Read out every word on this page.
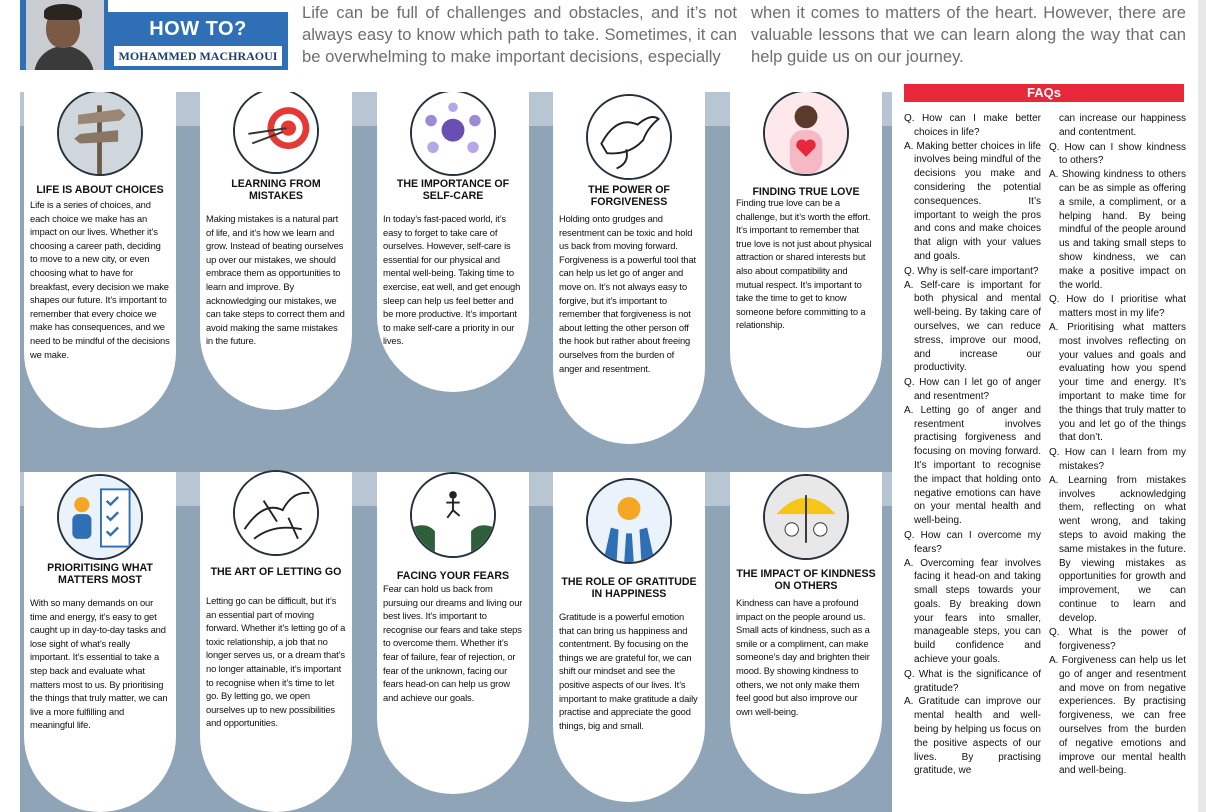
HOW TO?
MOHAMMED MACHRAOUI
Life can be full of challenges and obstacles, and it’s not always easy to know which path to take. Sometimes, it can be overwhelming to make important decisions, especially
when it comes to matters of the heart. However, there are valuable lessons that we can learn along the way that can help guide us on our journey.
LIFE IS ABOUT CHOICES

Life is a series of choices, and each choice we make has an impact on our lives. Whether it’s choosing a career path, deciding to move to a new city, or even choosing what to have for breakfast, every decision we make shapes our future. It’s important to remember that every choice we make has consequences, and we need to be mindful of the decisions we make.

LEARNING FROM MISTAKES

Making mistakes is a natural part of life, and it’s how we learn and grow. Instead of beating ourselves up over our mistakes, we should embrace them as opportunities to learn and improve. By acknowledging our mistakes, we can take steps to correct them and avoid making the same mistakes in the future.

THE IMPORTANCE OF SELF-CARE

In today’s fast-paced world, it’s easy to forget to take care of ourselves. However, self-care is essential for our physical and mental well-being. Taking time to exercise, eat well, and get enough sleep can help us feel better and be more productive. It’s important to make self-care a priority in our lives.

THE POWER OF FORGIVENESS

Holding onto grudges and resentment can be toxic and hold us back from moving forward. Forgiveness is a powerful tool that can help us let go of anger and move on. It’s not always easy to forgive, but it’s important to remember that forgiveness is not about letting the other person off the hook but rather about freeing ourselves from the burden of anger and resentment.

FINDING TRUE LOVE

Finding true love can be a challenge, but it’s worth the effort. It’s important to remember that true love is not just about physical attraction or shared interests but also about compatibility and mutual respect. It’s important to take the time to get to know someone before committing to a relationship.

PRIORITISING WHAT MATTERS MOST

With so many demands on our time and energy, it’s easy to get caught up in day-to-day tasks and lose sight of what’s really important. It’s essential to take a step back and evaluate what matters most to us. By prioritising the things that truly matter, we can live a more fulfilling and meaningful life.

THE ART OF LETTING GO

Letting go can be difficult, but it’s an essential part of moving forward. Whether it’s letting go of a toxic relationship, a job that no longer serves us, or a dream that’s no longer attainable, it’s important to recognise when it’s time to let go. By letting go, we open ourselves up to new possibilities and opportunities.

FACING YOUR FEARS

Fear can hold us back from pursuing our dreams and living our best lives. It’s important to recognise our fears and take steps to overcome them. Whether it’s fear of failure, fear of rejection, or fear of the unknown, facing our fears head-on can help us grow and achieve our goals.

THE ROLE OF GRATITUDE IN HAPPINESS

Gratitude is a powerful emotion that can bring us happiness and contentment. By focusing on the things we are grateful for, we can shift our mindset and see the positive aspects of our lives. It’s important to make gratitude a daily practise and appreciate the good things, big and small.

THE IMPACT OF KINDNESS ON OTHERS

Kindness can have a profound impact on the people around us. Small acts of kindness, such as a smile or a compliment, can make someone’s day and brighten their mood. By showing kindness to others, we not only make them feel good but also improve our own well-being.

FAQs
Q. How can I make better choices in life?
A. Making better choices in life involves being mindful of the decisions you make and considering the potential consequences. It’s important to weigh the pros and cons and make choices that align with your values and goals.
Q. Why is self-care important?
A. Self-care is important for both physical and mental well-being. By taking care of ourselves, we can reduce stress, improve our mood, and increase our productivity.
Q. How can I let go of anger and resentment?
A. Letting go of anger and resentment involves practising forgiveness and focusing on moving forward. It’s important to recognise the impact that holding onto negative emotions can have on your mental health and well-being.
Q. How can I overcome my fears?
A. Overcoming fear involves facing it head-on and taking small steps towards your goals. By breaking down your fears into smaller, manageable steps, you can build confidence and achieve your goals.
Q. What is the significance of gratitude?
A. Gratitude can improve our mental health and well-being by helping us focus on the positive aspects of our lives. By practising gratitude, we
can increase our happiness and contentment.
Q. How can I show kindness to others?
A. Showing kindness to others can be as simple as offering a smile, a compliment, or a helping hand. By being mindful of the people around us and taking small steps to show kindness, we can make a positive impact on the world.
Q. How do I prioritise what matters most in my life?
A. Prioritising what matters most involves reflecting on your values and goals and evaluating how you spend your time and energy. It’s important to make time for the things that truly matter to you and let go of the things that don’t.
Q. How can I learn from my mistakes?
A. Learning from mistakes involves acknowledging them, reflecting on what went wrong, and taking steps to avoid making the same mistakes in the future. By viewing mistakes as opportunities for growth and improvement, we can continue to learn and develop.
Q. What is the power of forgiveness?
A. Forgiveness can help us let go of anger and resentment and move on from negative experiences. By practising forgiveness, we can free ourselves from the burden of negative emotions and improve our mental health and well-being.
